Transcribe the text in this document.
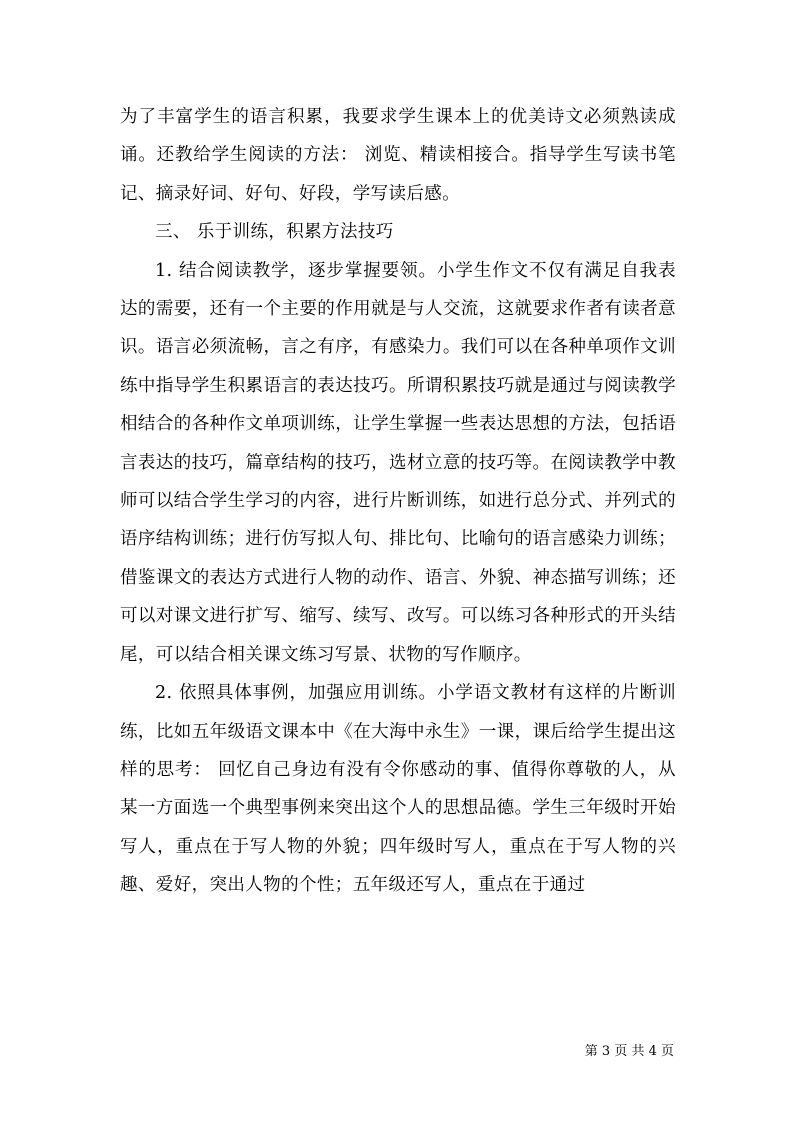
为了丰富学生的语言积累，我要求学生课本上的优美诗文必须熟读成诵。还教给学生阅读的方法： 浏览、精读相接合。指导学生写读书笔记、摘录好词、好句、好段，学写读后感。

三、 乐于训练，积累方法技巧

1. 结合阅读教学，逐步掌握要领。小学生作文不仅有满足自我表达的需要，还有一个主要的作用就是与人交流，这就要求作者有读者意识。语言必须流畅，言之有序，有感染力。我们可以在各种单项作文训练中指导学生积累语言的表达技巧。所谓积累技巧就是通过与阅读教学相结合的各种作文单项训练，让学生掌握一些表达思想的方法，包括语言表达的技巧，篇章结构的技巧，选材立意的技巧等。在阅读教学中教师可以结合学生学习的内容，进行片断训练，如进行总分式、并列式的语序结构训练；进行仿写拟人句、排比句、比喻句的语言感染力训练；借鉴课文的表达方式进行人物的动作、语言、外貌、神态描写训练；还可以对课文进行扩写、缩写、续写、改写。可以练习各种形式的开头结尾，可以结合相关课文练习写景、状物的写作顺序。

2. 依照具体事例，加强应用训练。小学语文教材有这样的片断训练，比如五年级语文课本中《在大海中永生》一课，课后给学生提出这样的思考： 回忆自己身边有没有令你感动的事、值得你尊敬的人，从某一方面选一个典型事例来突出这个人的思想品德。学生三年级时开始写人，重点在于写人物的外貌；四年级时写人，重点在于写人物的兴趣、爱好，突出人物的个性；五年级还写人，重点在于通过

第 3 页 共 4 页
